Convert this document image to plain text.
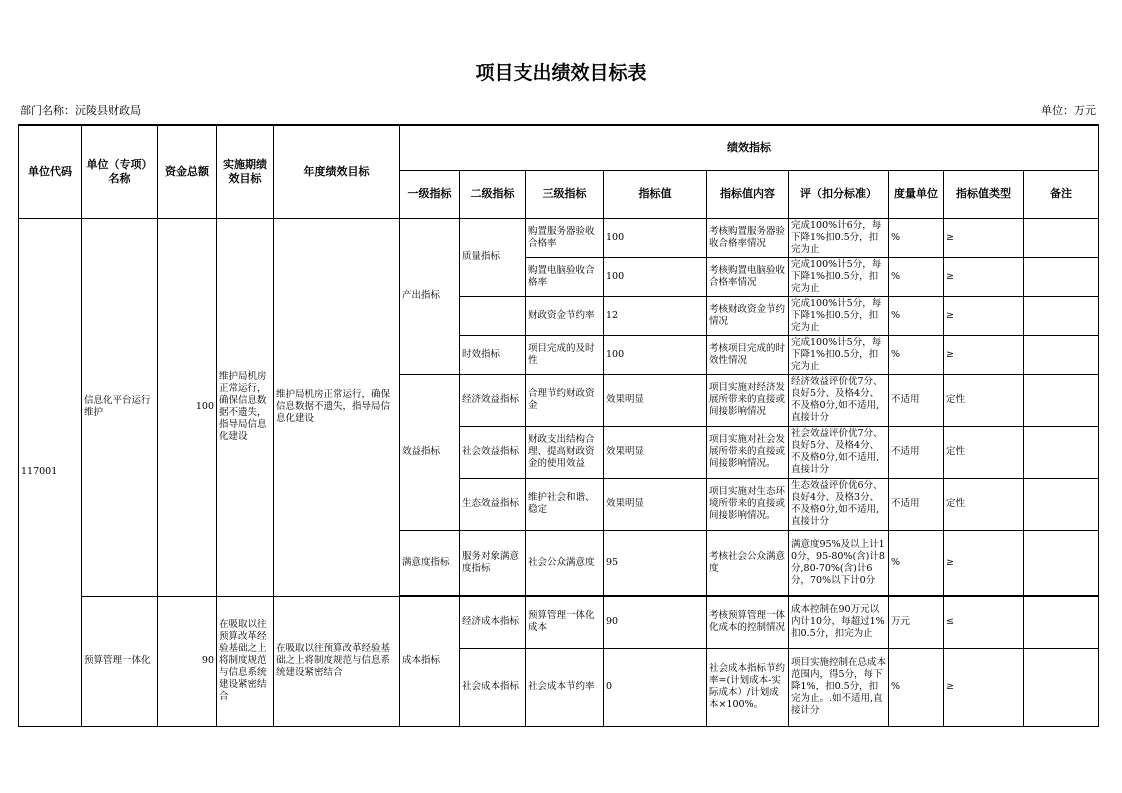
项目支出绩效目标表
部门名称：沅陵县财政局	单位：万元
单位代码	单位（专项）名称	资金总额	实施期绩效目标	年度绩效目标	绩效指标								
					一级指标	二级指标	三级指标	指标值	指标值内容	评（扣分标准）	度量单位	指标值类型	备注
117001	信息化平台运行维护	100	维护局机房正常运行，确保信息数据不遗失，指导局信息化建设	维护局机房正常运行，确保信息数据不遗失，指导局信息化建设	产出指标	质量指标	购置服务器验收合格率	100	考核购置服务器验收合格率情况	完成100%计6分，每下降1%扣0.5分，扣完为止	%	≥	
							购置电脑验收合格率	100	考核购置电脑验收合格率情况	完成100%计5分，每下降1%扣0.5分，扣完为止	%	≥	
							财政资金节约率	12	考核财政资金节约情况	完成100%计5分，每下降1%扣0.5分，扣完为止	%	≥	
						时效指标	项目完成的及时性	100	考核项目完成的时效性情况	完成100%计5分，每下降1%扣0.5分，扣完为止	%	≥	
					效益指标	经济效益指标	合理节约财政资金	效果明显	项目实施对经济发展所带来的直接或间接影响情况	经济效益评价优7分、良好5分、及格4分、不及格0分,如不适用,直接计分	不适用	定性	
						社会效益指标	财政支出结构合理、提高财政资金的使用效益	效果明显	项目实施对社会发展所带来的直接或间接影响情况。	社会效益评价优7分、良好5分、及格4分、不及格0分,如不适用,直接计分	不适用	定性	
						生态效益指标	维护社会和谐、稳定	效果明显	项目实施对生态环境所带来的直接或间接影响情况。	生态效益评价优6分、良好4分、及格3分、不及格0分,如不适用,直接计分	不适用	定性	
					满意度指标	服务对象满意度指标	社会公众满意度	95	考核社会公众满意度	满意度95%及以上计10分，95-80%(含)计8分,80-70%(含)计6分，70%以下计0分	%	≥	

	预算管理一体化	90	在吸取以往预算改革经验基础之上将制度规范与信息系统建设紧密结合	在吸取以往预算改革经验基础之上将制度规范与信息系统建设紧密结合	成本指标	经济成本指标	预算管理一体化成本	90	考核预算管理一体化成本的控制情况	成本控制在90万元以内计10分，每超过1%扣0.5分，扣完为止	万元	≤	
						社会成本指标	社会成本节约率	0	社会成本指标节约率=(计划成本-实际成本）/计划成本×100%。	项目实施控制在总成本范围内，得5分，每下降1%，扣0.5分，扣完为止。.如不适用,直接计分	%	≥	
